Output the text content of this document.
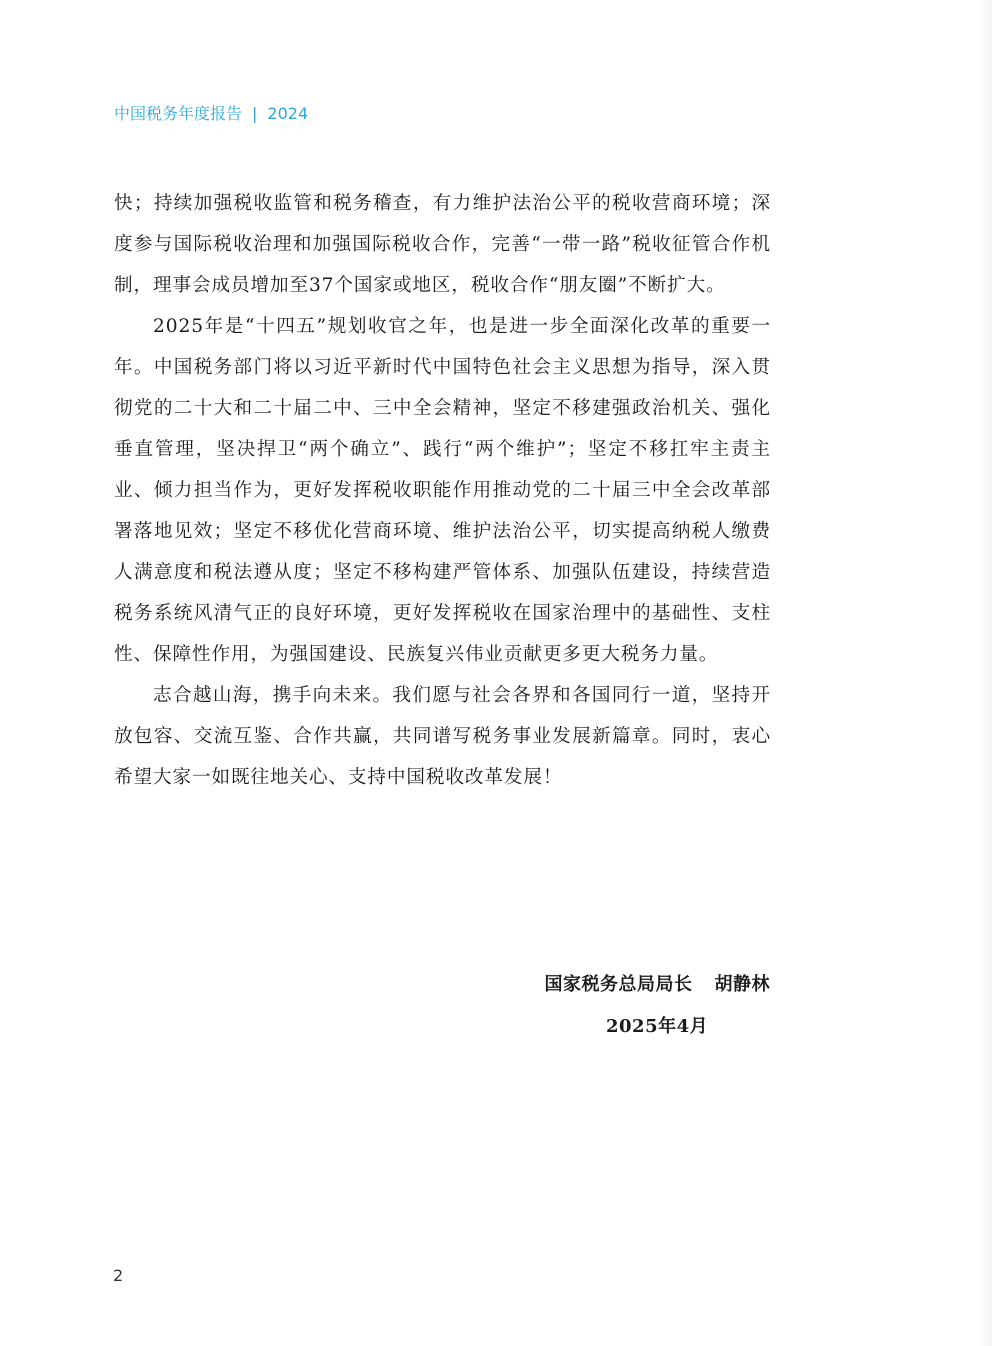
中国税务年度报告 | 2024

快；持续加强税收监管和税务稽查，有力维护法治公平的税收营商环境；深度参与国际税收治理和加强国际税收合作，完善“一带一路”税收征管合作机制，理事会成员增加至37个国家或地区，税收合作“朋友圈”不断扩大。

2025年是“十四五”规划收官之年，也是进一步全面深化改革的重要一年。中国税务部门将以习近平新时代中国特色社会主义思想为指导，深入贯彻党的二十大和二十届二中、三中全会精神，坚定不移建强政治机关、强化垂直管理，坚决捍卫“两个确立”、践行“两个维护”；坚定不移扛牢主责主业、倾力担当作为，更好发挥税收职能作用推动党的二十届三中全会改革部署落地见效；坚定不移优化营商环境、维护法治公平，切实提高纳税人缴费人满意度和税法遵从度；坚定不移构建严管体系、加强队伍建设，持续营造税务系统风清气正的良好环境，更好发挥税收在国家治理中的基础性、支柱性、保障性作用，为强国建设、民族复兴伟业贡献更多更大税务力量。

志合越山海，携手向未来。我们愿与社会各界和各国同行一道，坚持开放包容、交流互鉴、合作共赢，共同谱写税务事业发展新篇章。同时，衷心希望大家一如既往地关心、支持中国税收改革发展！

国家税务总局局长 胡静林
2025年4月
2
